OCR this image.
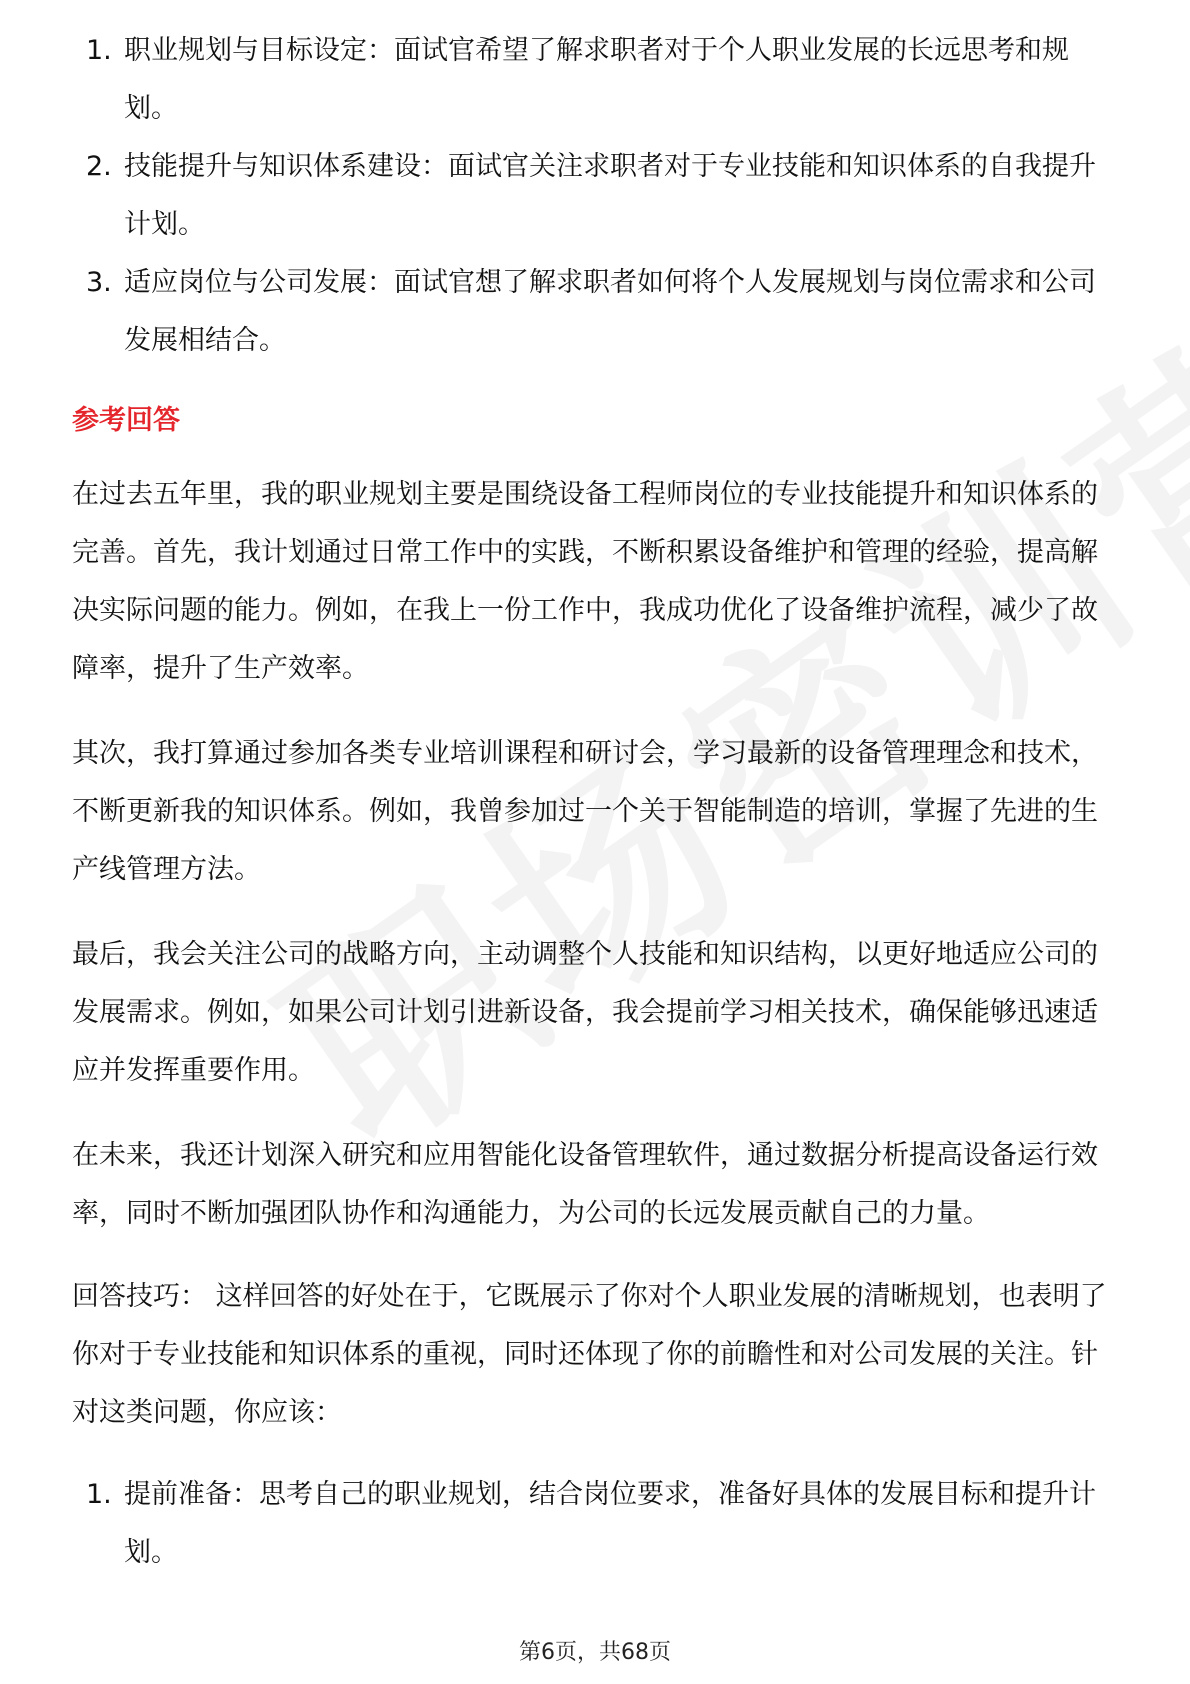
1. 职业规划与目标设定：面试官希望了解求职者对于个人职业发展的长远思考和规划。
2. 技能提升与知识体系建设：面试官关注求职者对于专业技能和知识体系的自我提升计划。
3. 适应岗位与公司发展：面试官想了解求职者如何将个人发展规划与岗位需求和公司发展相结合。
参考回答

在过去五年里，我的职业规划主要是围绕设备工程师岗位的专业技能提升和知识体系的完善。首先，我计划通过日常工作中的实践，不断积累设备维护和管理的经验，提高解决实际问题的能力。例如，在我上一份工作中，我成功优化了设备维护流程，减少了故障率，提升了生产效率。

其次，我打算通过参加各类专业培训课程和研讨会，学习最新的设备管理理念和技术，不断更新我的知识体系。例如，我曾参加过一个关于智能制造的培训，掌握了先进的生产线管理方法。

最后，我会关注公司的战略方向，主动调整个人技能和知识结构，以更好地适应公司的发展需求。例如，如果公司计划引进新设备，我会提前学习相关技术，确保能够迅速适应并发挥重要作用。

在未来，我还计划深入研究和应用智能化设备管理软件，通过数据分析提高设备运行效率，同时不断加强团队协作和沟通能力，为公司的长远发展贡献自己的力量。

回答技巧： 这样回答的好处在于，它既展示了你对个人职业发展的清晰规划，也表明了你对于专业技能和知识体系的重视，同时还体现了你的前瞻性和对公司发展的关注。针对这类问题，你应该：

1. 提前准备：思考自己的职业规划，结合岗位要求，准备好具体的发展目标和提升计划。
第6页，共68页
